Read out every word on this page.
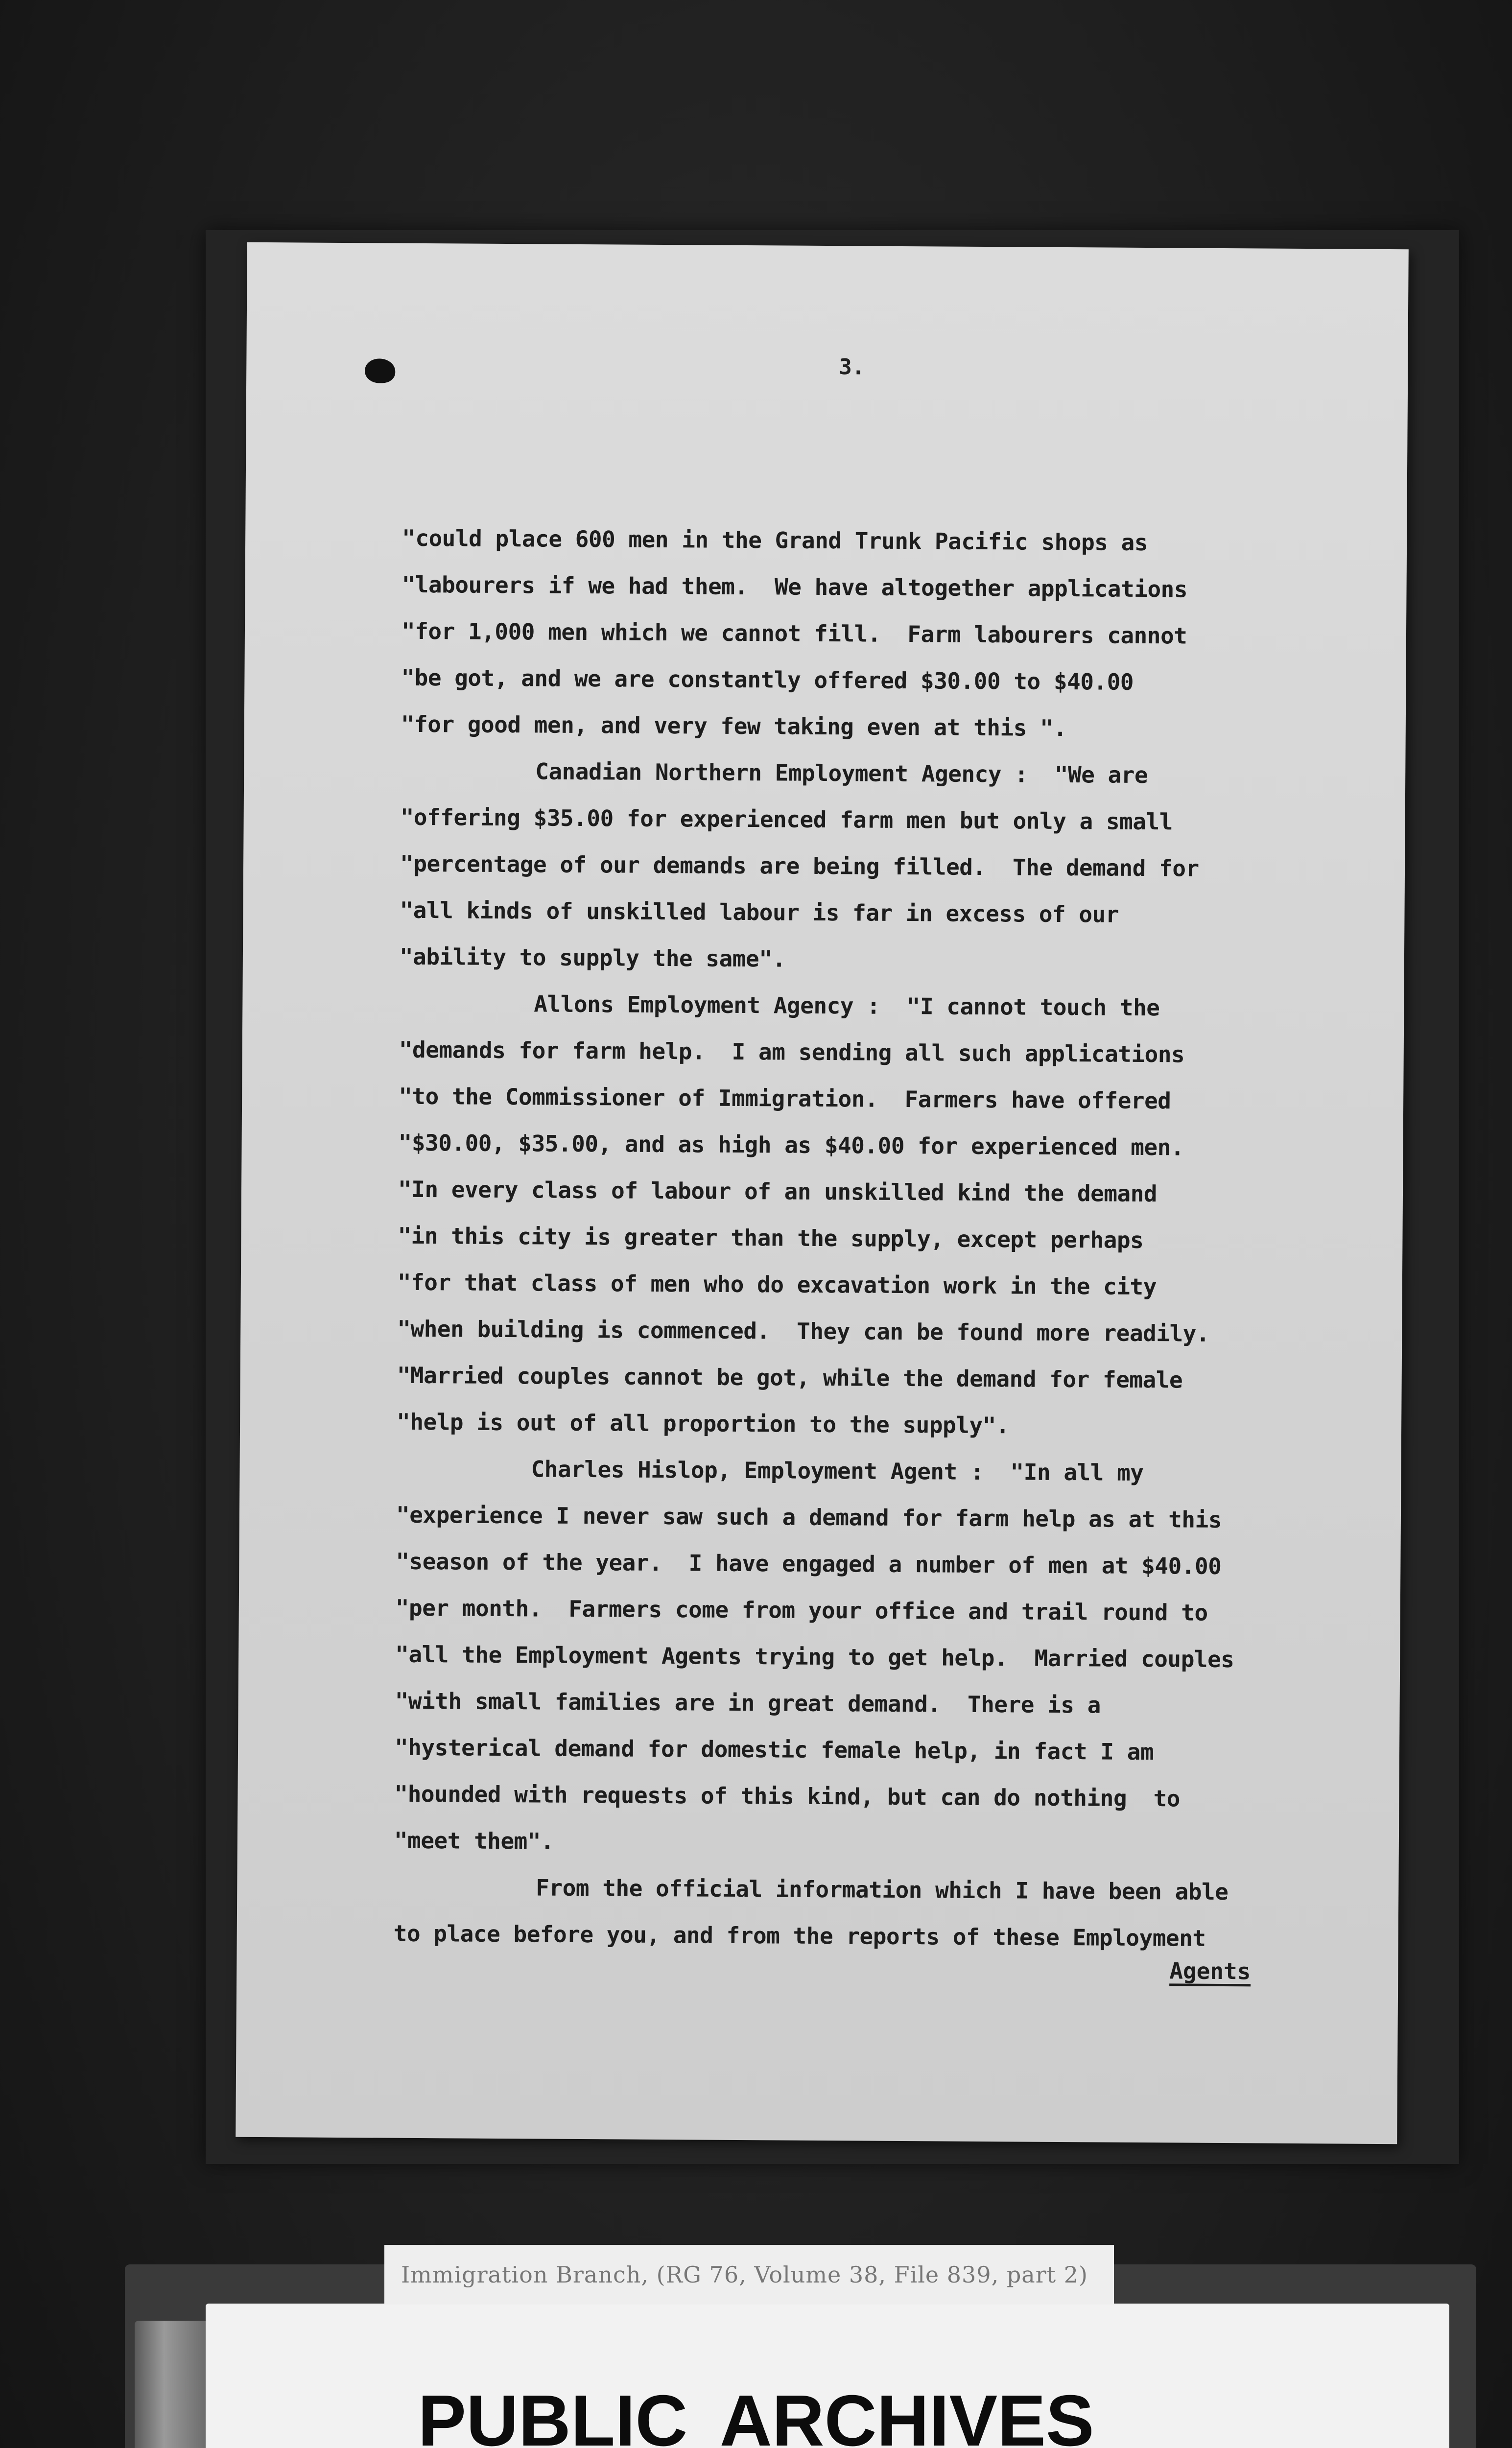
3.
"could place 600 men in the Grand Trunk Pacific shops as
"labourers if we had them.  We have altogether applications
"for 1,000 men which we cannot fill.  Farm labourers cannot
"be got, and we are constantly offered $30.00 to $40.00
"for good men, and very few taking even at this ".
Canadian Northern Employment Agency :  "We are
"offering $35.00 for experienced farm men but only a small
"percentage of our demands are being filled.  The demand for
"all kinds of unskilled labour is far in excess of our
"ability to supply the same".
Allons Employment Agency :  "I cannot touch the
"demands for farm help.  I am sending all such applications
"to the Commissioner of Immigration.  Farmers have offered
"$30.00, $35.00, and as high as $40.00 for experienced men.
"In every class of labour of an unskilled kind the demand
"in this city is greater than the supply, except perhaps
"for that class of men who do excavation work in the city
"when building is commenced.  They can be found more readily.
"Married couples cannot be got, while the demand for female
"help is out of all proportion to the supply".
Charles Hislop, Employment Agent :  "In all my
"experience I never saw such a demand for farm help as at this
"season of the year.  I have engaged a number of men at $40.00
"per month.  Farmers come from your office and trail round to
"all the Employment Agents trying to get help.  Married couples
"with small families are in great demand.  There is a
"hysterical demand for domestic female help, in fact I am
"hounded with requests of this kind, but can do nothing  to
"meet them".
From the official information which I have been able
to place before you, and from the reports of these Employment
Agents
Immigration Branch, (RG 76, Volume 38, File 839, part 2)
PUBLIC ARCHIVES
